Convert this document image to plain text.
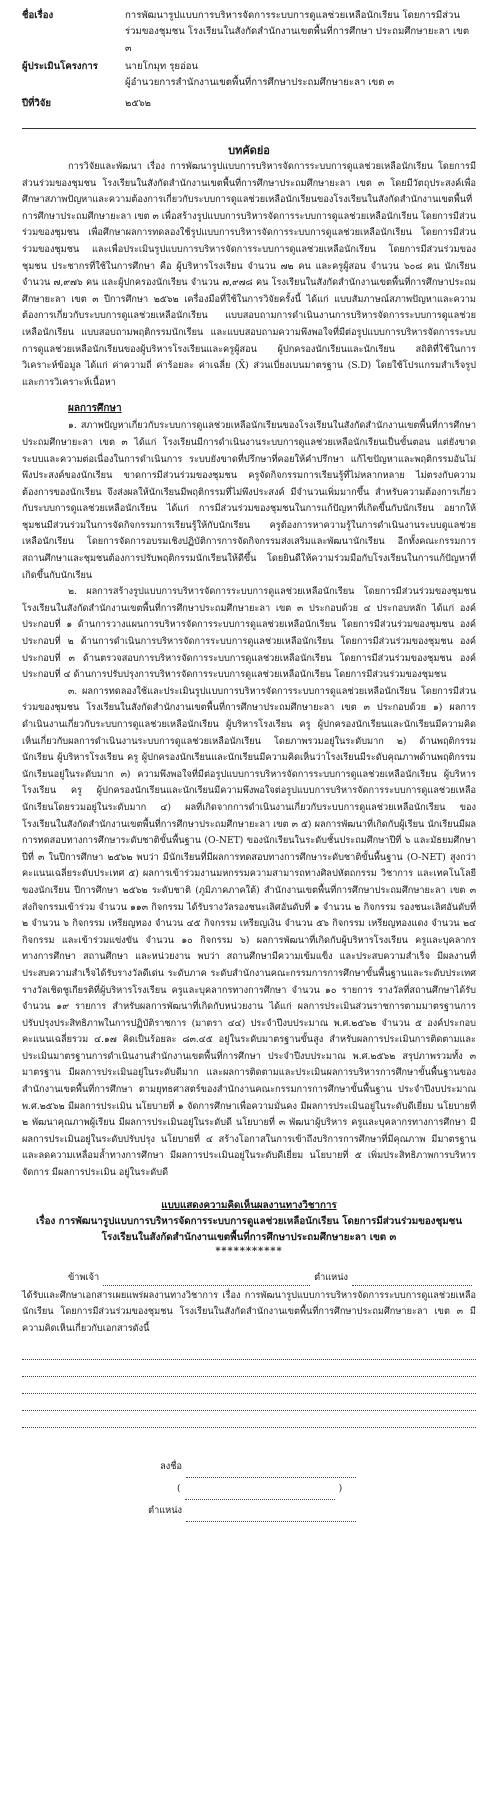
ชื่อเรื่อง	การพัฒนารูปแบบการบริหารจัดการระบบการดูแลช่วยเหลือนักเรียน โดยการมีส่วนร่วมของชุมชน โรงเรียนในสังกัดสำนักงานเขตพื้นที่การศึกษา ประถมศึกษายะลา เขต ๓
ผู้ประเมินโครงการ	นายโกมุท รุยอ่อน
ผู้อำนวยการสำนักงานเขตพื้นที่การศึกษาประถมศึกษายะลา เขต ๓
ปีที่วิจัย	๒๕๖๒
บทคัดย่อ

การวิจัยและพัฒนา เรื่อง การพัฒนารูปแบบการบริหารจัดการระบบการดูแลช่วยเหลือนักเรียน โดยการมีส่วนร่วมของชุมชน โรงเรียนในสังกัดสำนักงานเขตพื้นที่การศึกษาประถมศึกษายะลา เขต ๓ โดยมีวัตถุประสงค์เพื่อศึกษาสภาพปัญหาและความต้องการเกี่ยวกับระบบการดูแลช่วยเหลือนักเรียนของโรงเรียนในสังกัดสำนักงานเขตพื้นที่การศึกษาประถมศึกษายะลา เขต ๓ เพื่อสร้างรูปแบบการบริหารจัดการระบบการดูแลช่วยเหลือนักเรียน โดยการมีส่วนร่วมของชุมชน เพื่อศึกษาผลการทดลองใช้รูปแบบการบริหารจัดการระบบการดูแลช่วยเหลือนักเรียน โดยการมีส่วนร่วมของชุมชน และเพื่อประเมินรูปแบบการบริหารจัดการระบบการดูแลช่วยเหลือนักเรียน โดยการมีส่วนร่วมของชุมชน ประชากรที่ใช้ในการศึกษา คือ ผู้บริหารโรงเรียน จำนวน ๗๒ คน และครูผู้สอน จำนวน ๖๐๘ คน นักเรียน จำนวน ๗,๙๗๖ คน และผู้ปกครองนักเรียน จำนวน ๗,๙๗๘ คน โรงเรียนในสังกัดสำนักงานเขตพื้นที่การศึกษาประถมศึกษายะลา เขต ๓ ปีการศึกษา ๒๕๖๒ เครื่องมือที่ใช้ในการวิจัยครั้งนี้ ได้แก่ แบบสัมภาษณ์สภาพปัญหาและความต้องการเกี่ยวกับระบบการดูแลช่วยเหลือนักเรียน แบบสอบถามการดำเนินงานการบริหารจัดการระบบการดูแลช่วยเหลือนักเรียน แบบสอบถามพฤติกรรมนักเรียน และแบบสอบถามความพึงพอใจที่มีต่อรูปแบบการบริหารจัดการระบบการดูแลช่วยเหลือนักเรียนของผู้บริหารโรงเรียนและครูผู้สอน ผู้ปกครองนักเรียนและนักเรียน สถิติที่ใช้ในการวิเคราะห์ข้อมูล ได้แก่ ค่าความถี่ ค่าร้อยละ ค่าเฉลี่ย (X̄) ส่วนเบี่ยงเบนมาตรฐาน (S.D) โดยใช้โปรแกรมสำเร็จรูป และการวิเคราะห์เนื้อหา

ผลการศึกษา

๑. สภาพปัญหาเกี่ยวกับระบบการดูแลช่วยเหลือนักเรียนของโรงเรียนในสังกัดสำนักงานเขตพื้นที่การศึกษาประถมศึกษายะลา เขต ๓ ได้แก่ โรงเรียนมีการดำเนินงานระบบการดูแลช่วยเหลือนักเรียนเป็นขั้นตอน แต่ยังขาดระบบและความต่อเนื่องในการดำเนินการ ระบบยังขาดที่ปรึกษาที่คอยให้คำปรึกษา แก้ไขปัญหาและพฤติกรรมอันไม่พึงประสงค์ของนักเรียน ขาดการมีส่วนร่วมของชุมชน ครูจัดกิจกรรมการเรียนรู้ที่ไม่หลากหลาย ไม่ตรงกับความต้องการของนักเรียน จึงส่งผลให้นักเรียนมีพฤติกรรมที่ไม่พึงประสงค์ มีจำนวนเพิ่มมากขึ้น สำหรับความต้องการเกี่ยวกับระบบการดูแลช่วยเหลือนักเรียน ได้แก่ การมีส่วนร่วมของชุมชนในการแก้ปัญหาที่เกิดขึ้นกับนักเรียน อยากให้ชุมชนมีส่วนร่วมในการจัดกิจกรรมการเรียนรู้ให้กับนักเรียน ครูต้องการหาความรู้ในการดำเนินงานระบบดูแลช่วยเหลือนักเรียน โดยการจัดการอบรมเชิงปฏิบัติการการจัดกิจกรรมส่งเสริมและพัฒนานักเรียน อีกทั้งคณะกรรมการสถานศึกษาและชุมชนต้องการปรับพฤติกรรมนักเรียนให้ดีขึ้น โดยยินดีให้ความร่วมมือกับโรงเรียนในการแก้ปัญหาที่เกิดขึ้นกับนักเรียน

๒. ผลการสร้างรูปแบบการบริหารจัดการระบบการดูแลช่วยเหลือนักเรียน โดยการมีส่วนร่วมของชุมชน โรงเรียนในสังกัดสำนักงานเขตพื้นที่การศึกษาประถมศึกษายะลา เขต ๓ ประกอบด้วย ๔ ประกอบหลัก ได้แก่ องค์ประกอบที่ ๑ ด้านการวางแผนการบริหารจัดการระบบการดูแลช่วยเหลือนักเรียน โดยการมีส่วนร่วมของชุมชน องค์ประกอบที่ ๒ ด้านการดำเนินการบริหารจัดการระบบการดูแลช่วยเหลือนักเรียน โดยการมีส่วนร่วมของชุมชน องค์ประกอบที่ ๓ ด้านตรวจสอบการบริหารจัดการระบบการดูแลช่วยเหลือนักเรียน โดยการมีส่วนร่วมของชุมชน องค์ประกอบที่ ๔ ด้านการปรับปรุงการบริหารจัดการระบบการดูแลช่วยเหลือนักเรียน โดยการมีส่วนร่วมของชุมชน

๓. ผลการทดลองใช้และประเมินรูปแบบการบริหารจัดการระบบการดูแลช่วยเหลือนักเรียน โดยการมีส่วนร่วมของชุมชน โรงเรียนในสังกัดสำนักงานเขตพื้นที่การศึกษาประถมศึกษายะลา เขต ๓ ประกอบด้วย ๑) ผลการดำเนินงานเกี่ยวกับระบบการดูแลช่วยเหลือนักเรียน ผู้บริหารโรงเรียน ครู ผู้ปกครองนักเรียนและนักเรียนมีความคิดเห็นเกี่ยวกับผลการดำเนินงานระบบการดูแลช่วยเหลือนักเรียน โดยภาพรวมอยู่ในระดับมาก ๒) ด้านพฤติกรรมนักเรียน ผู้บริหารโรงเรียน ครู ผู้ปกครองนักเรียนและนักเรียนมีความคิดเห็นว่าโรงเรียนมีระดับคุณภาพด้านพฤติกรรมนักเรียนอยู่ในระดับมาก ๓) ความพึงพอใจที่มีต่อรูปแบบการบริหารจัดการระบบการดูแลช่วยเหลือนักเรียน ผู้บริหารโรงเรียน ครู ผู้ปกครองนักเรียนและนักเรียนมีความพึงพอใจต่อรูปแบบการบริหารจัดการระบบการดูแลช่วยเหลือนักเรียนโดยรวมอยู่ในระดับมาก ๔) ผลที่เกิดจากการดำเนินงานเกี่ยวกับระบบการดูแลช่วยเหลือนักเรียน ของโรงเรียนในสังกัดสำนักงานเขตพื้นที่การศึกษาประถมศึกษายะลา เขต ๓ ๕) ผลการพัฒนาที่เกิดกับผู้เรียน นักเรียนมีผลการทดสอบทางการศึกษาระดับชาติขั้นพื้นฐาน (O-NET) ของนักเรียนในระดับชั้นประถมศึกษาปีที่ ๖ และมัธยมศึกษาปีที่ ๓ ในปีการศึกษา ๒๕๖๒ พบว่า มีนักเรียนที่มีผลการทดสอบทางการศึกษาระดับชาติขั้นพื้นฐาน (O-NET) สูงกว่าคะแนนเฉลี่ยระดับประเทศ ๕) ผลการเข้าร่วมงานมหกรรมความสามารถทางศิลปหัตถกรรม วิชาการ และเทคโนโลยีของนักเรียน ปีการศึกษา ๒๕๖๒ ระดับชาติ (ภูมิภาคภาคใต้) สำนักงานเขตพื้นที่การศึกษาประถมศึกษายะลา เขต ๓ ส่งกิจกรรมเข้าร่วม จำนวน ๑๑๓ กิจกรรม ได้รับรางวัลรองชนะเลิศอันดับที่ ๑ จำนวน ๒ กิจกรรม รองชนะเลิศอันดับที่ ๒ จำนวน ๖ กิจกรรม เหรียญทอง จำนวน ๔๕ กิจกรรม เหรียญเงิน จำนวน ๕๖ กิจกรรม เหรียญทองแดง จำนวน ๒๔ กิจกรรม และเข้าร่วมแข่งขัน จำนวน ๑๐ กิจกรรม ๖) ผลการพัฒนาที่เกิดกับผู้บริหารโรงเรียน ครูและบุคลากรทางการศึกษา สถานศึกษา และหน่วยงาน พบว่า สถานศึกษามีความเข้มแข็ง และประสบความสำเร็จ มีผลงานที่ประสบความสำเร็จได้รับรางวัลดีเด่น ระดับภาค ระดับสำนักงานคณะกรรมการการศึกษาขั้นพื้นฐานและระดับประเทศ รางวัลเชิดชูเกียรติที่ผู้บริหารโรงเรียน ครูและบุคลากรทางการศึกษา จำนวน ๑๐ รายการ รางวัลที่สถานศึกษาได้รับ จำนวน ๑๙ รายการ สำหรับผลการพัฒนาที่เกิดกับหน่วยงาน ได้แก่ ผลการประเมินส่วนราชการตามมาตรฐานการปรับปรุงประสิทธิภาพในการปฏิบัติราชการ (มาตรา ๔๔) ประจำปีงบประมาณ พ.ศ.๒๕๖๒ จำนวน ๕ องค์ประกอบ คะแนนเฉลี่ยรวม ๔.๑๗ คิดเป็นร้อยละ ๘๓.๔๕ อยู่ในระดับมาตรฐานขั้นสูง สำหรับผลการประเมินการติดตามและประเมินมาตรฐานการดำเนินงานสำนักงานเขตพื้นที่การศึกษา ประจำปีงบประมาณ พ.ศ.๒๕๖๒ สรุปภาพรวมทั้ง ๓ มาตรฐาน มีผลการประเมินอยู่ในระดับดีมาก และผลการติดตามและประเมินผลการบริหารการศึกษาขั้นพื้นฐานของสำนักงานเขตพื้นที่การศึกษา ตามยุทธศาสตร์ของสำนักงานคณะกรรมการการศึกษาขั้นพื้นฐาน ประจำปีงบประมาณ พ.ศ.๒๕๖๒ มีผลการประเมิน นโยบายที่ ๑ จัดการศึกษาเพื่อความมั่นคง มีผลการประเมินอยู่ในระดับดีเยี่ยม นโยบายที่ ๒ พัฒนาคุณภาพผู้เรียน มีผลการประเมินอยู่ในระดับดี นโยบายที่ ๓ พัฒนาผู้บริหาร ครูและบุคลากรทางการศึกษา มีผลการประเมินอยู่ในระดับปรับปรุง นโยบายที่ ๔ สร้างโอกาสในการเข้าถึงบริการการศึกษาที่มีคุณภาพ มีมาตรฐานและลดความเหลื่อมล้ำทางการศึกษา มีผลการประเมินอยู่ในระดับดีเยี่ยม นโยบายที่ ๕ เพิ่มประสิทธิภาพการบริหารจัดการ มีผลการประเมิน อยู่ในระดับดี

แบบแสดงความคิดเห็นผลงานทางวิชาการ
เรื่อง การพัฒนารูปแบบการบริหารจัดการระบบการดูแลช่วยเหลือนักเรียน โดยการมีส่วนร่วมของชุมชน
โรงเรียนในสังกัดสำนักงานเขตพื้นที่การศึกษาประถมศึกษายะลา เขต ๓
***********
ข้าพเจ้า	ตำแหน่ง

ได้รับและศึกษาเอกสารเผยแพร่ผลงานทางวิชาการ เรื่อง การพัฒนารูปแบบการบริหารจัดการระบบการดูแลช่วยเหลือนักเรียน โดยการมีส่วนร่วมของชุมชน โรงเรียนในสังกัดสำนักงานเขตพื้นที่การศึกษาประถมศึกษายะลา เขต ๓ มีความคิดเห็นเกี่ยวกับเอกสารดังนี้

ลงชื่อ
(	)
ตำแหน่ง
